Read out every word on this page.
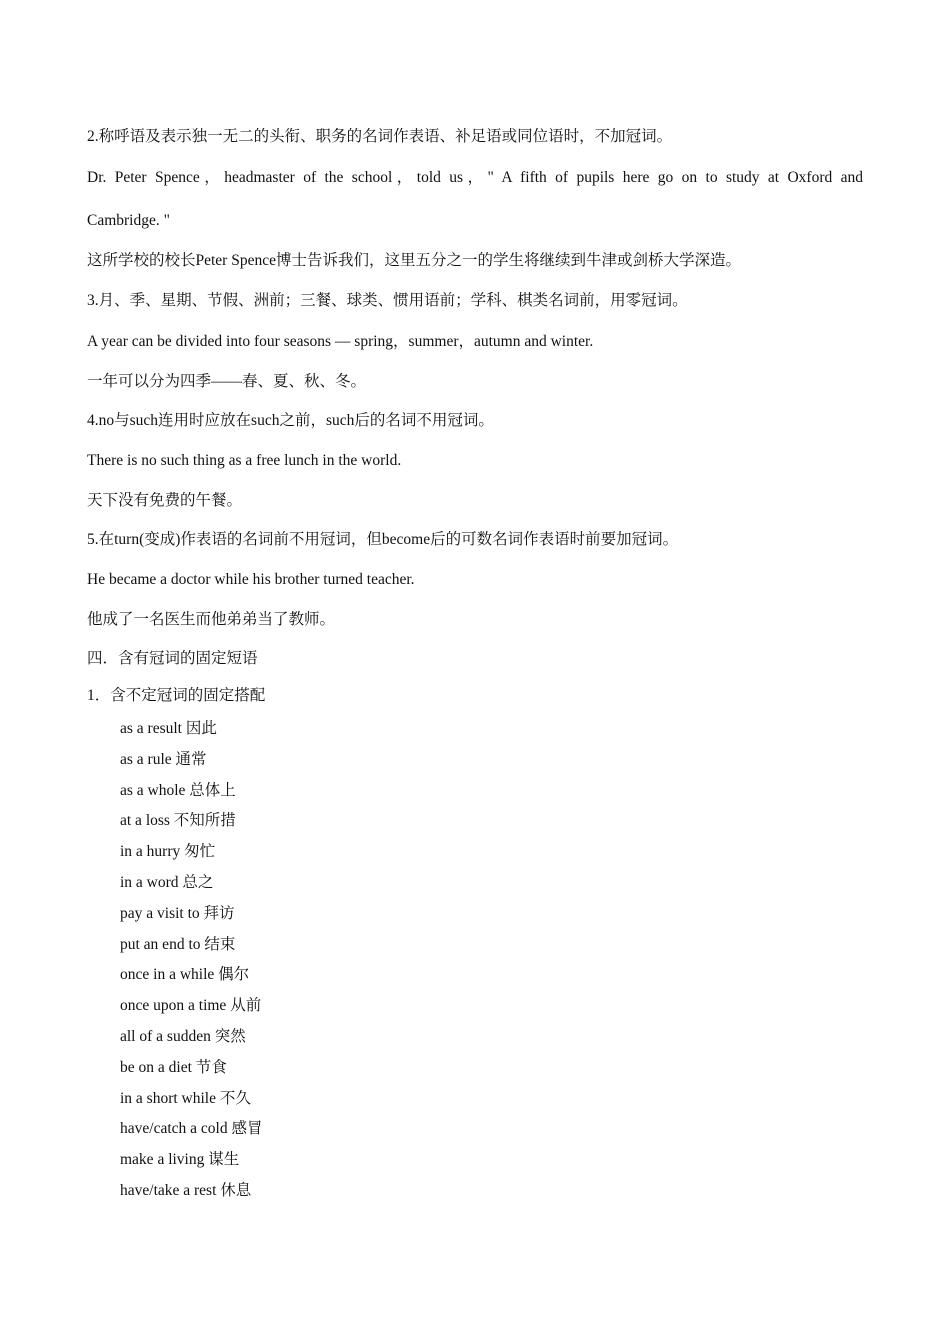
2.称呼语及表示独一无二的头衔、职务的名词作表语、补足语或同位语时，不加冠词。
Dr. Peter Spence，headmaster of the school，told us，" A fifth of pupils here go on to study at Oxford and
Cambridge. "
这所学校的校长Peter Spence博士告诉我们，这里五分之一的学生将继续到牛津或剑桥大学深造。
3.月、季、星期、节假、洲前；三餐、球类、惯用语前；学科、棋类名词前，用零冠词。
A year can be divided into four seasons — spring，summer，autumn and winter.
一年可以分为四季——春、夏、秋、冬。
4.no与such连用时应放在such之前，such后的名词不用冠词。
There is no such thing as a free lunch in the world.
天下没有免费的午餐。
5.在turn(变成)作表语的名词前不用冠词，但become后的可数名词作表语时前要加冠词。
He became a doctor while his brother turned teacher.
他成了一名医生而他弟弟当了教师。
四．含有冠词的固定短语
1．含不定冠词的固定搭配
as a result 因此
as a rule 通常
as a whole 总体上
at a loss 不知所措
in a hurry 匆忙
in a word 总之
pay a visit to 拜访
put an end to 结束
once in a while 偶尔
once upon a time 从前
all of a sudden 突然
be on a diet 节食
in a short while 不久
have/catch a cold 感冒
make a living 谋生
have/take a rest 休息
